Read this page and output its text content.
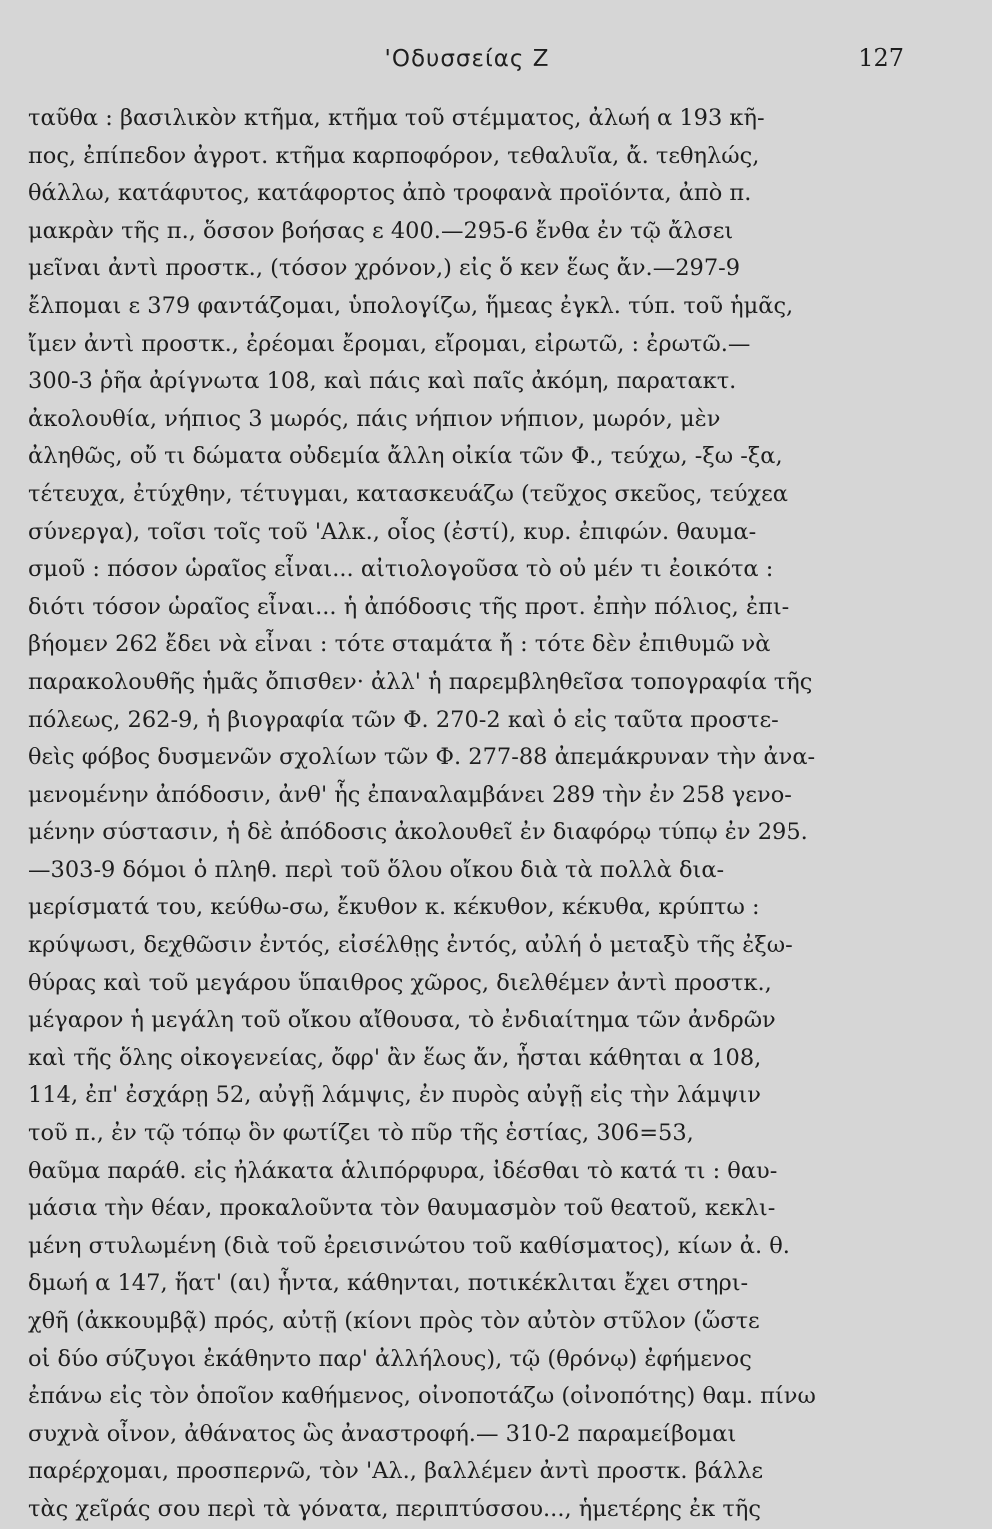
'Οδυσσείας Ζ	127
ταῦθα : βασιλικὸν κτῆμα, κτῆμα τοῦ στέμματος, ἀλωή α 193 κῆ-
πος, ἐπίπεδον ἀγροτ. κτῆμα καρποφόρον, τεθαλυῖα, ἄ. τεθηλώς,
θάλλω, κατάφυτος, κατάφορτος ἀπὸ τροφανὰ προϊόντα, ἀπὸ π.
μακρὰν τῆς π., ὅσσον βοήσας ε 400.—295-6 ἔνθα ἐν τῷ ἄλσει
μεῖναι ἀντὶ προστκ., (τόσον χρόνον,) εἰς ὅ κεν ἕως ἄν.—297-9
ἔλπομαι ε 379 φαντάζομαι, ὑπολογίζω, ἥμεας ἐγκλ. τύπ. τοῦ ἡμᾶς,
ἴμεν ἀντὶ προστκ., ἐρέομαι ἔρομαι, εἴρομαι, εἰρωτῶ, : ἐρωτῶ.—
300-3 ῥῆα ἀρίγνωτα 108, καὶ πάις καὶ παῖς ἀκόμη, παρατακτ.
ἀκολουθία, νήπιος 3 μωρός, πάις νήπιον νήπιον, μωρόν, μὲν
ἀληθῶς, οὔ τι δώματα οὐδεμία ἄλλη οἰκία τῶν Φ., τεύχω, -ξω -ξα,
τέτευχα, ἐτύχθην, τέτυγμαι, κατασκευάζω (τεῦχος σκεῦος, τεύχεα
σύνεργα), τοῖσι τοῖς τοῦ 'Αλκ., οἷος (ἐστί), κυρ. ἐπιφών. θαυμα-
σμοῦ : πόσον ὡραῖος εἶναι... αἰτιολογοῦσα τὸ οὐ μέν τι ἐοικότα :
διότι τόσον ὡραῖος εἶναι... ἡ ἀπόδοσις τῆς προτ. ἐπὴν πόλιος, ἐπι-
βήομεν 262 ἔδει νὰ εἶναι : τότε σταμάτα ἤ : τότε δὲν ἐπιθυμῶ νὰ
παρακολουθῆς ἡμᾶς ὄπισθεν· ἀλλ' ἡ παρεμβληθεῖσα τοπογραφία τῆς
πόλεως, 262-9, ἡ βιογραφία τῶν Φ. 270-2 καὶ ὁ εἰς ταῦτα προστε-
θεὶς φόβος δυσμενῶν σχολίων τῶν Φ. 277-88 ἀπεμάκρυναν τὴν ἀνα-
μενομένην ἀπόδοσιν, ἀνθ' ἧς ἐπαναλαμβάνει 289 τὴν ἐν 258 γενο-
μένην σύστασιν, ἡ δὲ ἀπόδοσις ἀκολουθεῖ ἐν διαφόρῳ τύπῳ ἐν 295.
—303-9 δόμοι ὁ πληθ. περὶ τοῦ ὅλου οἴκου διὰ τὰ πολλὰ δια-
μερίσματά του, κεύθω-σω, ἔκυθον κ. κέκυθον, κέκυθα, κρύπτω :
κρύψωσι, δεχθῶσιν ἐντός, εἰσέλθῃς ἐντός, αὐλή ὁ μεταξὺ τῆς ἐξω-
θύρας καὶ τοῦ μεγάρου ὕπαιθρος χῶρος, διελθέμεν ἀντὶ προστκ.,
μέγαρον ἡ μεγάλη τοῦ οἴκου αἴθουσα, τὸ ἐνδιαίτημα τῶν ἀνδρῶν
καὶ τῆς ὅλης οἰκογενείας, ὄφρ' ἂν ἕως ἄν, ἧσται κάθηται α 108,
114, ἐπ' ἐσχάρῃ 52, αὐγῇ λάμψις, ἐν πυρὸς αὐγῇ εἰς τὴν λάμψιν
τοῦ π., ἐν τῷ τόπῳ ὃν φωτίζει τὸ πῦρ τῆς ἑστίας, 306=53,
θαῦμα παράθ. εἰς ἠλάκατα ἁλιπόρφυρα, ἰδέσθαι τὸ κατά τι : θαυ-
μάσια τὴν θέαν, προκαλοῦντα τὸν θαυμασμὸν τοῦ θεατοῦ, κεκλι-
μένη στυλωμένη (διὰ τοῦ ἐρεισινώτου τοῦ καθίσματος), κίων ἀ. θ.
δμωή α 147, ἥατ' (αι) ἧντα, κάθηνται, ποτικέκλιται ἔχει στηρι-
χθῆ (ἀκκουμβᾷ) πρός, αὐτῇ (κίονι πρὸς τὸν αὐτὸν στῦλον (ὥστε
οἱ δύο σύζυγοι ἐκάθηντο παρ' ἀλλήλους), τῷ (θρόνῳ) ἐφήμενος
ἐπάνω εἰς τὸν ὁποῖον καθήμενος, οἰνοποτάζω (οἰνοπότης) θαμ. πίνω
συχνὰ οἶνον, ἀθάνατος ὣς ἀναστροφή.— 310-2 παραμείβομαι
παρέρχομαι, προσπερνῶ, τὸν 'Αλ., βαλλέμεν ἀντὶ προστκ. βάλλε
τὰς χεῖράς σου περὶ τὰ γόνατα, περιπτύσσου..., ἡμετέρης ἐκ τῆς
